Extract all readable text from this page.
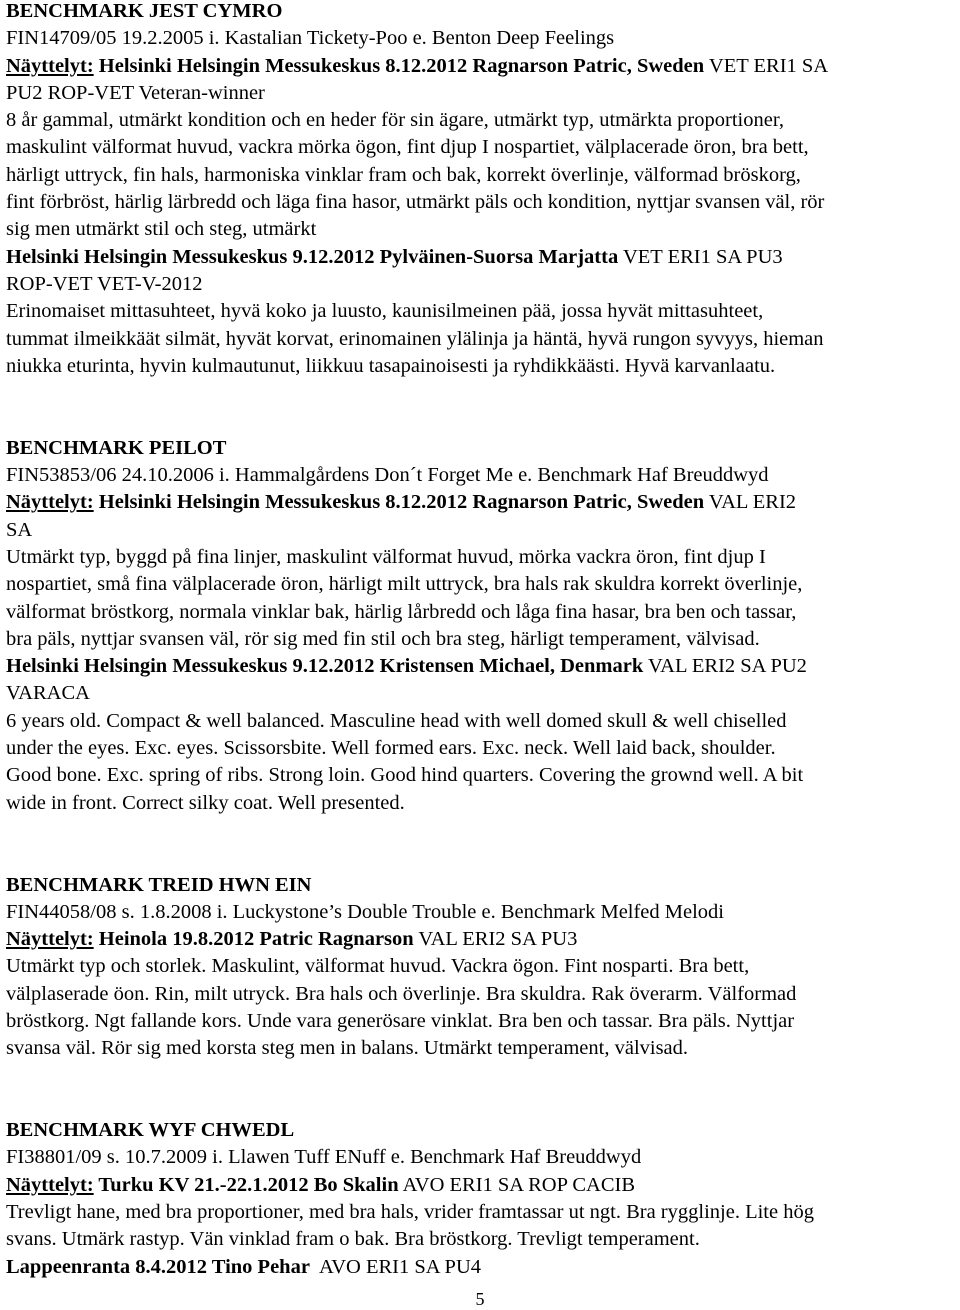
BENCHMARK JEST CYMRO
FIN14709/05 19.2.2005 i. Kastalian Tickety-Poo e. Benton Deep Feelings
Näyttelyt: Helsinki Helsingin Messukeskus 8.12.2012 Ragnarson Patric, Sweden VET ERI1 SA
PU2 ROP-VET Veteran-winner
8 år gammal, utmärkt kondition och en heder för sin ägare, utmärkt typ, utmärkta proportioner,
maskulint välformat huvud, vackra mörka ögon, fint djup I nospartiet, välplacerade öron, bra bett,
härligt uttryck, fin hals, harmoniska vinklar fram och bak, korrekt överlinje, välformad bröskorg,
fint förbröst, härlig lärbredd och läga fina hasor, utmärkt päls och kondition, nyttjar svansen väl, rör
sig men utmärkt stil och steg, utmärkt
Helsinki Helsingin Messukeskus 9.12.2012 Pylväinen-Suorsa Marjatta VET ERI1 SA PU3
ROP-VET VET-V-2012
Erinomaiset mittasuhteet, hyvä koko ja luusto, kaunisilmeinen pää, jossa hyvät mittasuhteet,
tummat ilmeikkäät silmät, hyvät korvat, erinomainen ylälinja ja häntä, hyvä rungon syvyys, hieman
niukka eturinta, hyvin kulmautunut, liikkuu tasapainoisesti ja ryhdikkäästi. Hyvä karvanlaatu.
BENCHMARK PEILOT
FIN53853/06 24.10.2006 i. Hammalgårdens Don´t Forget Me e. Benchmark Haf Breuddwyd
Näyttelyt: Helsinki Helsingin Messukeskus 8.12.2012 Ragnarson Patric, Sweden VAL ERI2
SA
Utmärkt typ, byggd på fina linjer, maskulint välformat huvud, mörka vackra öron, fint djup I
nospartiet, små fina välplacerade öron, härligt milt uttryck, bra hals rak skuldra korrekt överlinje,
välformat bröstkorg, normala vinklar bak, härlig lårbredd och låga fina hasar, bra ben och tassar,
bra päls, nyttjar svansen väl, rör sig med fin stil och bra steg, härligt temperament, välvisad.
Helsinki Helsingin Messukeskus 9.12.2012 Kristensen Michael, Denmark VAL ERI2 SA PU2
VARACA
6 years old. Compact & well balanced. Masculine head with well domed skull & well chiselled
under the eyes. Exc. eyes. Scissorsbite. Well formed ears. Exc. neck. Well laid back, shoulder.
Good bone. Exc. spring of ribs. Strong loin. Good hind quarters. Covering the grownd well. A bit
wide in front. Correct silky coat. Well presented.
BENCHMARK TREID HWN EIN
FIN44058/08 s. 1.8.2008 i. Luckystone’s Double Trouble e. Benchmark Melfed Melodi
Näyttelyt: Heinola 19.8.2012 Patric Ragnarson VAL ERI2 SA PU3
Utmärkt typ och storlek. Maskulint, välformat huvud. Vackra ögon. Fint nosparti. Bra bett,
välplaserade öon. Rin, milt utryck. Bra hals och överlinje. Bra skuldra. Rak överarm. Välformad
bröstkorg. Ngt fallande kors. Unde vara generösare vinklat. Bra ben och tassar. Bra päls. Nyttjar
svansa väl. Rör sig med korsta steg men in balans. Utmärkt temperament, välvisad.
BENCHMARK WYF CHWEDL
FI38801/09 s. 10.7.2009 i. Llawen Tuff ENuff e. Benchmark Haf Breuddwyd
Näyttelyt: Turku KV 21.-22.1.2012 Bo Skalin AVO ERI1 SA ROP CACIB
Trevligt hane, med bra proportioner, med bra hals, vrider framtassar ut ngt. Bra rygglinje. Lite hög
svans. Utmärk rastyp. Vän vinklad fram o bak. Bra bröstkorg. Trevligt temperament.
Lappeenranta 8.4.2012 Tino Pehar  AVO ERI1 SA PU4
5
